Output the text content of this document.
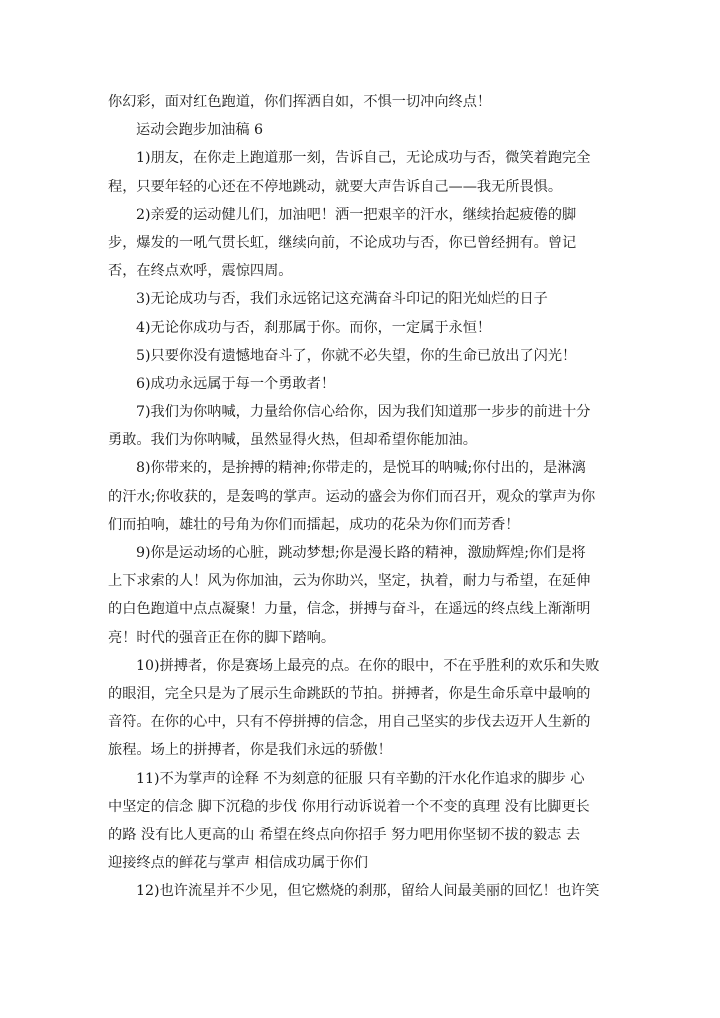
你幻彩，面对红色跑道，你们挥洒自如，不惧一切冲向终点！
运动会跑步加油稿 6
1)朋友，在你走上跑道那一刻，告诉自己，无论成功与否，微笑着跑完全
程，只要年轻的心还在不停地跳动，就要大声告诉自己——我无所畏惧。
2)亲爱的运动健儿们，加油吧！洒一把艰辛的汗水，继续抬起疲倦的脚
步，爆发的一吼气贯长虹，继续向前，不论成功与否，你已曾经拥有。曾记
否，在终点欢呼，震惊四周。
3)无论成功与否，我们永远铭记这充满奋斗印记的阳光灿烂的日子
4)无论你成功与否，刹那属于你。而你，一定属于永恒！
5)只要你没有遗憾地奋斗了，你就不必失望，你的生命已放出了闪光！
6)成功永远属于每一个勇敢者！
7)我们为你呐喊，力量给你信心给你，因为我们知道那一步步的前进十分
勇敢。我们为你呐喊，虽然显得火热，但却希望你能加油。
8)你带来的，是拚搏的精神;你带走的，是悦耳的呐喊;你付出的，是淋漓
的汗水;你收获的，是轰鸣的掌声。运动的盛会为你们而召开，观众的掌声为你
们而拍响，雄壮的号角为你们而擂起，成功的花朵为你们而芳香！
9)你是运动场的心脏，跳动梦想;你是漫长路的精神，激励辉煌;你们是将
上下求索的人！风为你加油，云为你助兴，坚定，执着，耐力与希望，在延伸
的白色跑道中点点凝聚！力量，信念，拼搏与奋斗，在遥远的终点线上渐渐明
亮！时代的强音正在你的脚下踏响。
10)拼搏者，你是赛场上最亮的点。在你的眼中，不在乎胜利的欢乐和失败
的眼泪，完全只是为了展示生命跳跃的节拍。拼搏者，你是生命乐章中最响的
音符。在你的心中，只有不停拼搏的信念，用自己坚实的步伐去迈开人生新的
旅程。场上的拼搏者，你是我们永远的骄傲！
11)不为掌声的诠释 不为刻意的征服 只有辛勤的汗水化作追求的脚步 心
中坚定的信念 脚下沉稳的步伐 你用行动诉说着一个不变的真理 没有比脚更长
的路 没有比人更高的山 希望在终点向你招手 努力吧用你坚韧不拔的毅志 去
迎接终点的鲜花与掌声 相信成功属于你们
12)也许流星并不少见，但它燃烧的刹那，留给人间最美丽的回忆！也许笑
